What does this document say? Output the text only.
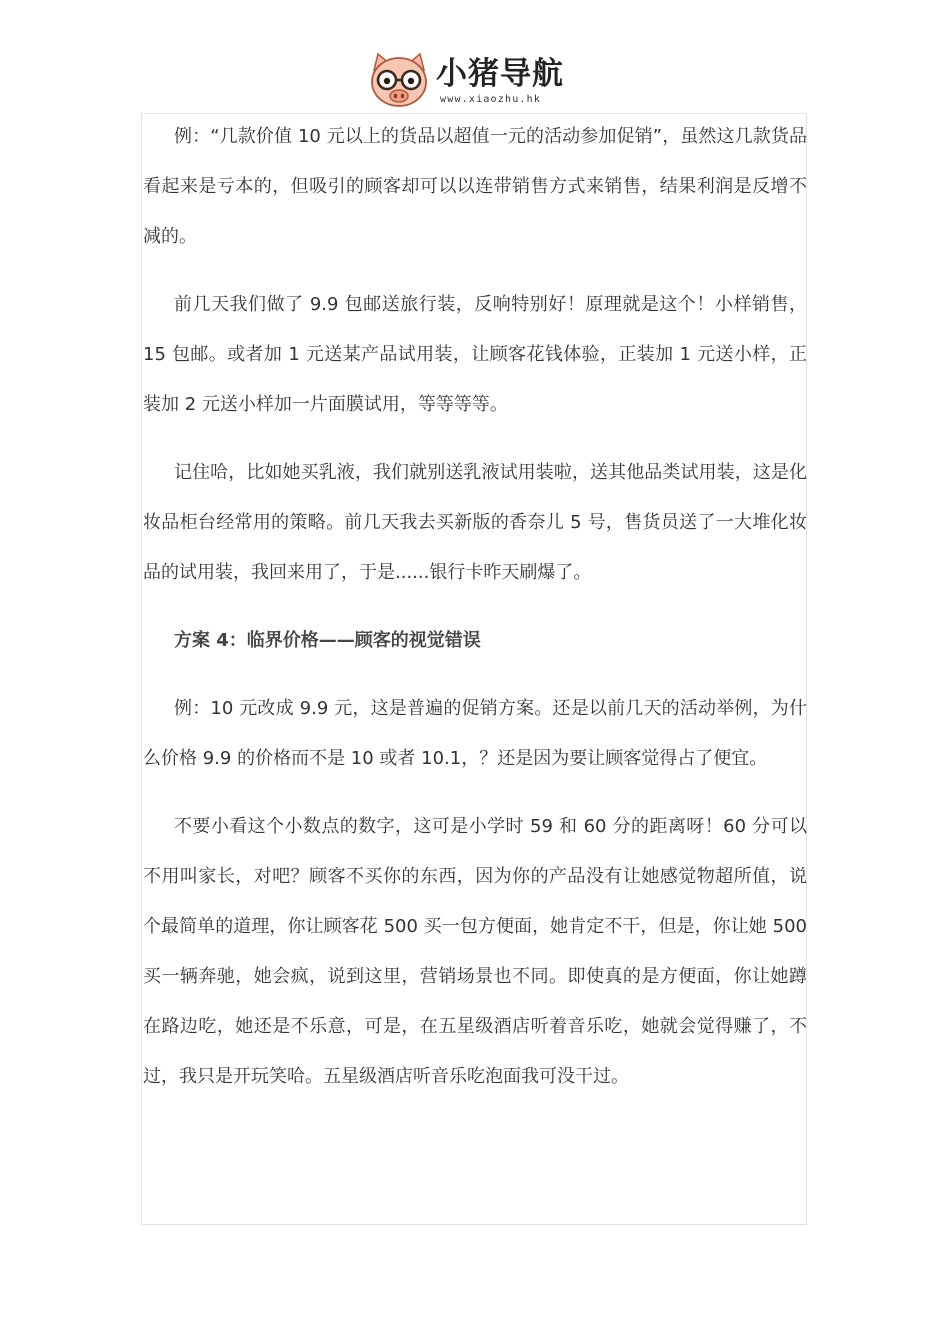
小猪导航
www.xiaozhu.hk

例：“几款价值 10 元以上的货品以超值一元的活动参加促销”，虽然这几款货品看起来是亏本的，但吸引的顾客却可以以连带销售方式来销售，结果利润是反增不减的。

前几天我们做了 9.9 包邮送旅行装，反响特别好！原理就是这个！小样销售，15 包邮。或者加 1 元送某产品试用装，让顾客花钱体验，正装加 1 元送小样，正装加 2 元送小样加一片面膜试用，等等等等。

记住哈，比如她买乳液，我们就别送乳液试用装啦，送其他品类试用装，这是化妆品柜台经常用的策略。前几天我去买新版的香奈儿 5 号，售货员送了一大堆化妆品的试用装，我回来用了，于是......银行卡昨天刷爆了。

方案 4：临界价格——顾客的视觉错误

例：10 元改成 9.9 元，这是普遍的促销方案。还是以前几天的活动举例，为什么价格 9.9 的价格而不是 10 或者 10.1，？还是因为要让顾客觉得占了便宜。

不要小看这个小数点的数字，这可是小学时 59 和 60 分的距离呀！60 分可以不用叫家长，对吧？顾客不买你的东西，因为你的产品没有让她感觉物超所值，说个最简单的道理，你让顾客花 500 买一包方便面，她肯定不干，但是，你让她 500 买一辆奔驰，她会疯，说到这里，营销场景也不同。即使真的是方便面，你让她蹲在路边吃，她还是不乐意，可是，在五星级酒店听着音乐吃，她就会觉得赚了，不过，我只是开玩笑哈。五星级酒店听音乐吃泡面我可没干过。
